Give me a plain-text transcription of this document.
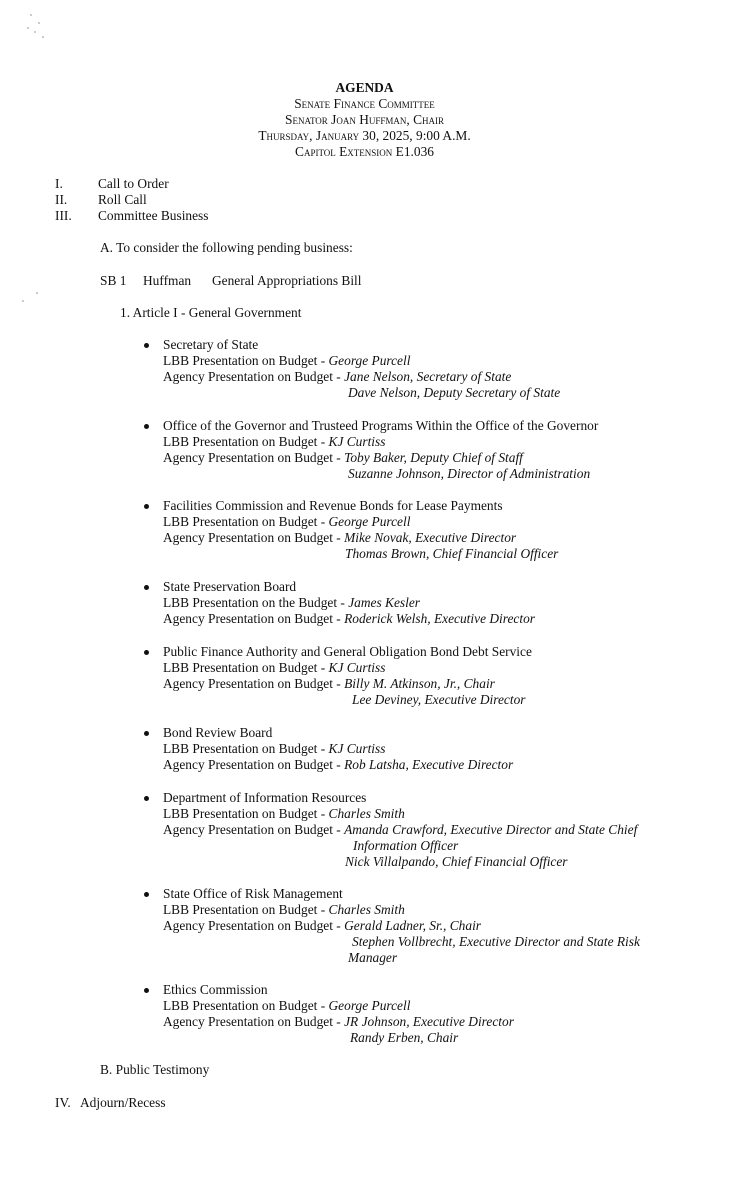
AGENDA
Senate Finance Committee
Senator Joan Huffman, Chair
Thursday, January 30, 2025, 9:00 A.M.
Capitol Extension E1.036
I.	Call to Order
II. Roll Call
III. Committee Business
A. To consider the following pending business:
SB 1 Huffman General Appropriations Bill
1. Article I - General Government
Secretary of State
LBB Presentation on Budget - George Purcell
Agency Presentation on Budget - Jane Nelson, Secretary of State
Dave Nelson, Deputy Secretary of State
Office of the Governor and Trusteed Programs Within the Office of the Governor
LBB Presentation on Budget - KJ Curtiss
Agency Presentation on Budget - Toby Baker, Deputy Chief of Staff
Suzanne Johnson, Director of Administration
Facilities Commission and Revenue Bonds for Lease Payments
LBB Presentation on Budget - George Purcell
Agency Presentation on Budget - Mike Novak, Executive Director
Thomas Brown, Chief Financial Officer
State Preservation Board
LBB Presentation on the Budget - James Kesler
Agency Presentation on Budget - Roderick Welsh, Executive Director
Public Finance Authority and General Obligation Bond Debt Service
LBB Presentation on Budget - KJ Curtiss
Agency Presentation on Budget - Billy M. Atkinson, Jr., Chair
Lee Deviney, Executive Director
Bond Review Board
LBB Presentation on Budget - KJ Curtiss
Agency Presentation on Budget - Rob Latsha, Executive Director
Department of Information Resources
LBB Presentation on Budget - Charles Smith
Agency Presentation on Budget - Amanda Crawford, Executive Director and State Chief
Information Officer
Nick Villalpando, Chief Financial Officer
State Office of Risk Management
LBB Presentation on Budget - Charles Smith
Agency Presentation on Budget - Gerald Ladner, Sr., Chair
Stephen Vollbrecht, Executive Director and State Risk
Manager
Ethics Commission
LBB Presentation on Budget - George Purcell
Agency Presentation on Budget - JR Johnson, Executive Director
Randy Erben, Chair
B. Public Testimony
IV. Adjourn/Recess
